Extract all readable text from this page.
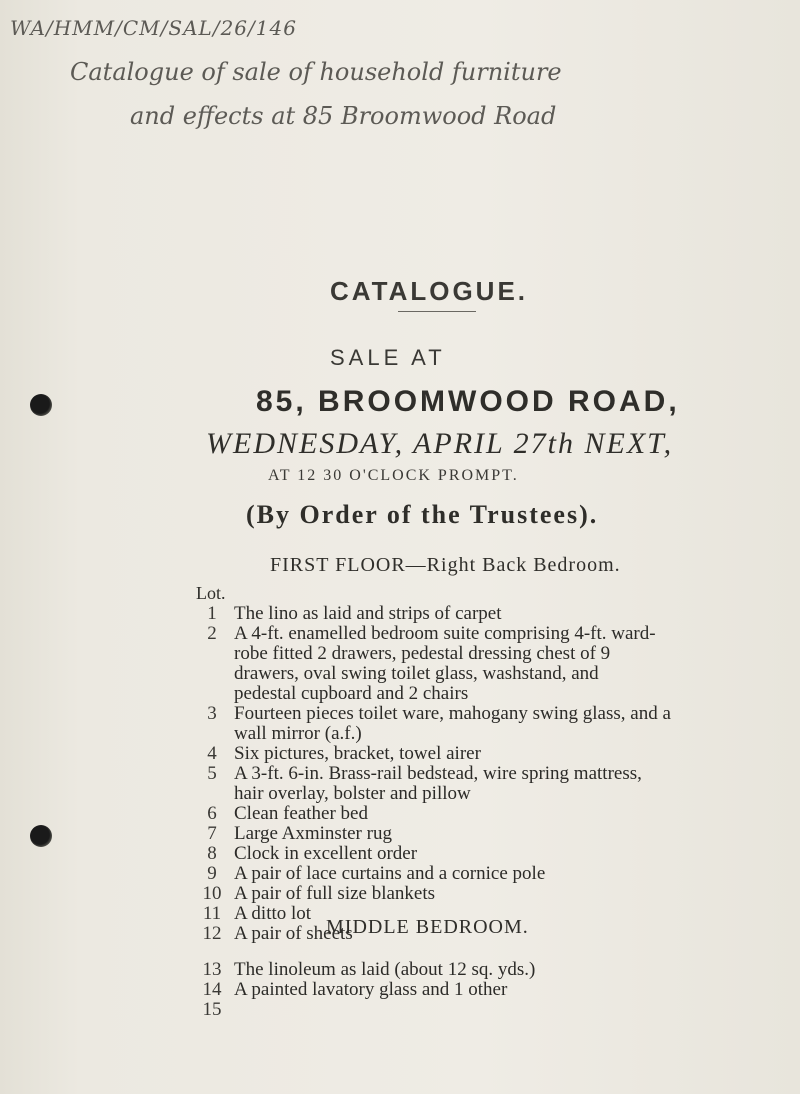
WA/HMM/CM/SAL/26/146
Catalogue of sale of household furniture
and effects at 85 Broomwood Road
CATALOGUE.
SALE AT
85, BROOMWOOD ROAD,
WEDNESDAY, APRIL 27th NEXT,
AT 12 30 O'CLOCK PROMPT.
(By Order of the Trustees).
FIRST FLOOR—Right Back Bedroom.
Lot.
1 The lino as laid and strips of carpet
2 A 4-ft. enamelled bedroom suite comprising 4-ft. ward-
robe fitted 2 drawers, pedestal dressing chest of 9
drawers, oval swing toilet glass, washstand, and
pedestal cupboard and 2 chairs
3 Fourteen pieces toilet ware, mahogany swing glass, and a
wall mirror (a.f.)
4 Six pictures, bracket, towel airer
5 A 3-ft. 6-in. Brass-rail bedstead, wire spring mattress,
hair overlay, bolster and pillow
6 Clean feather bed
7 Large Axminster rug
8 Clock in excellent order
9 A pair of lace curtains and a cornice pole
10 A pair of full size blankets
11 A ditto lot
12 A pair of sheets
MIDDLE BEDROOM.
13 The linoleum as laid (about 12 sq. yds.)
14 A painted lavatory glass and 1 other
15
